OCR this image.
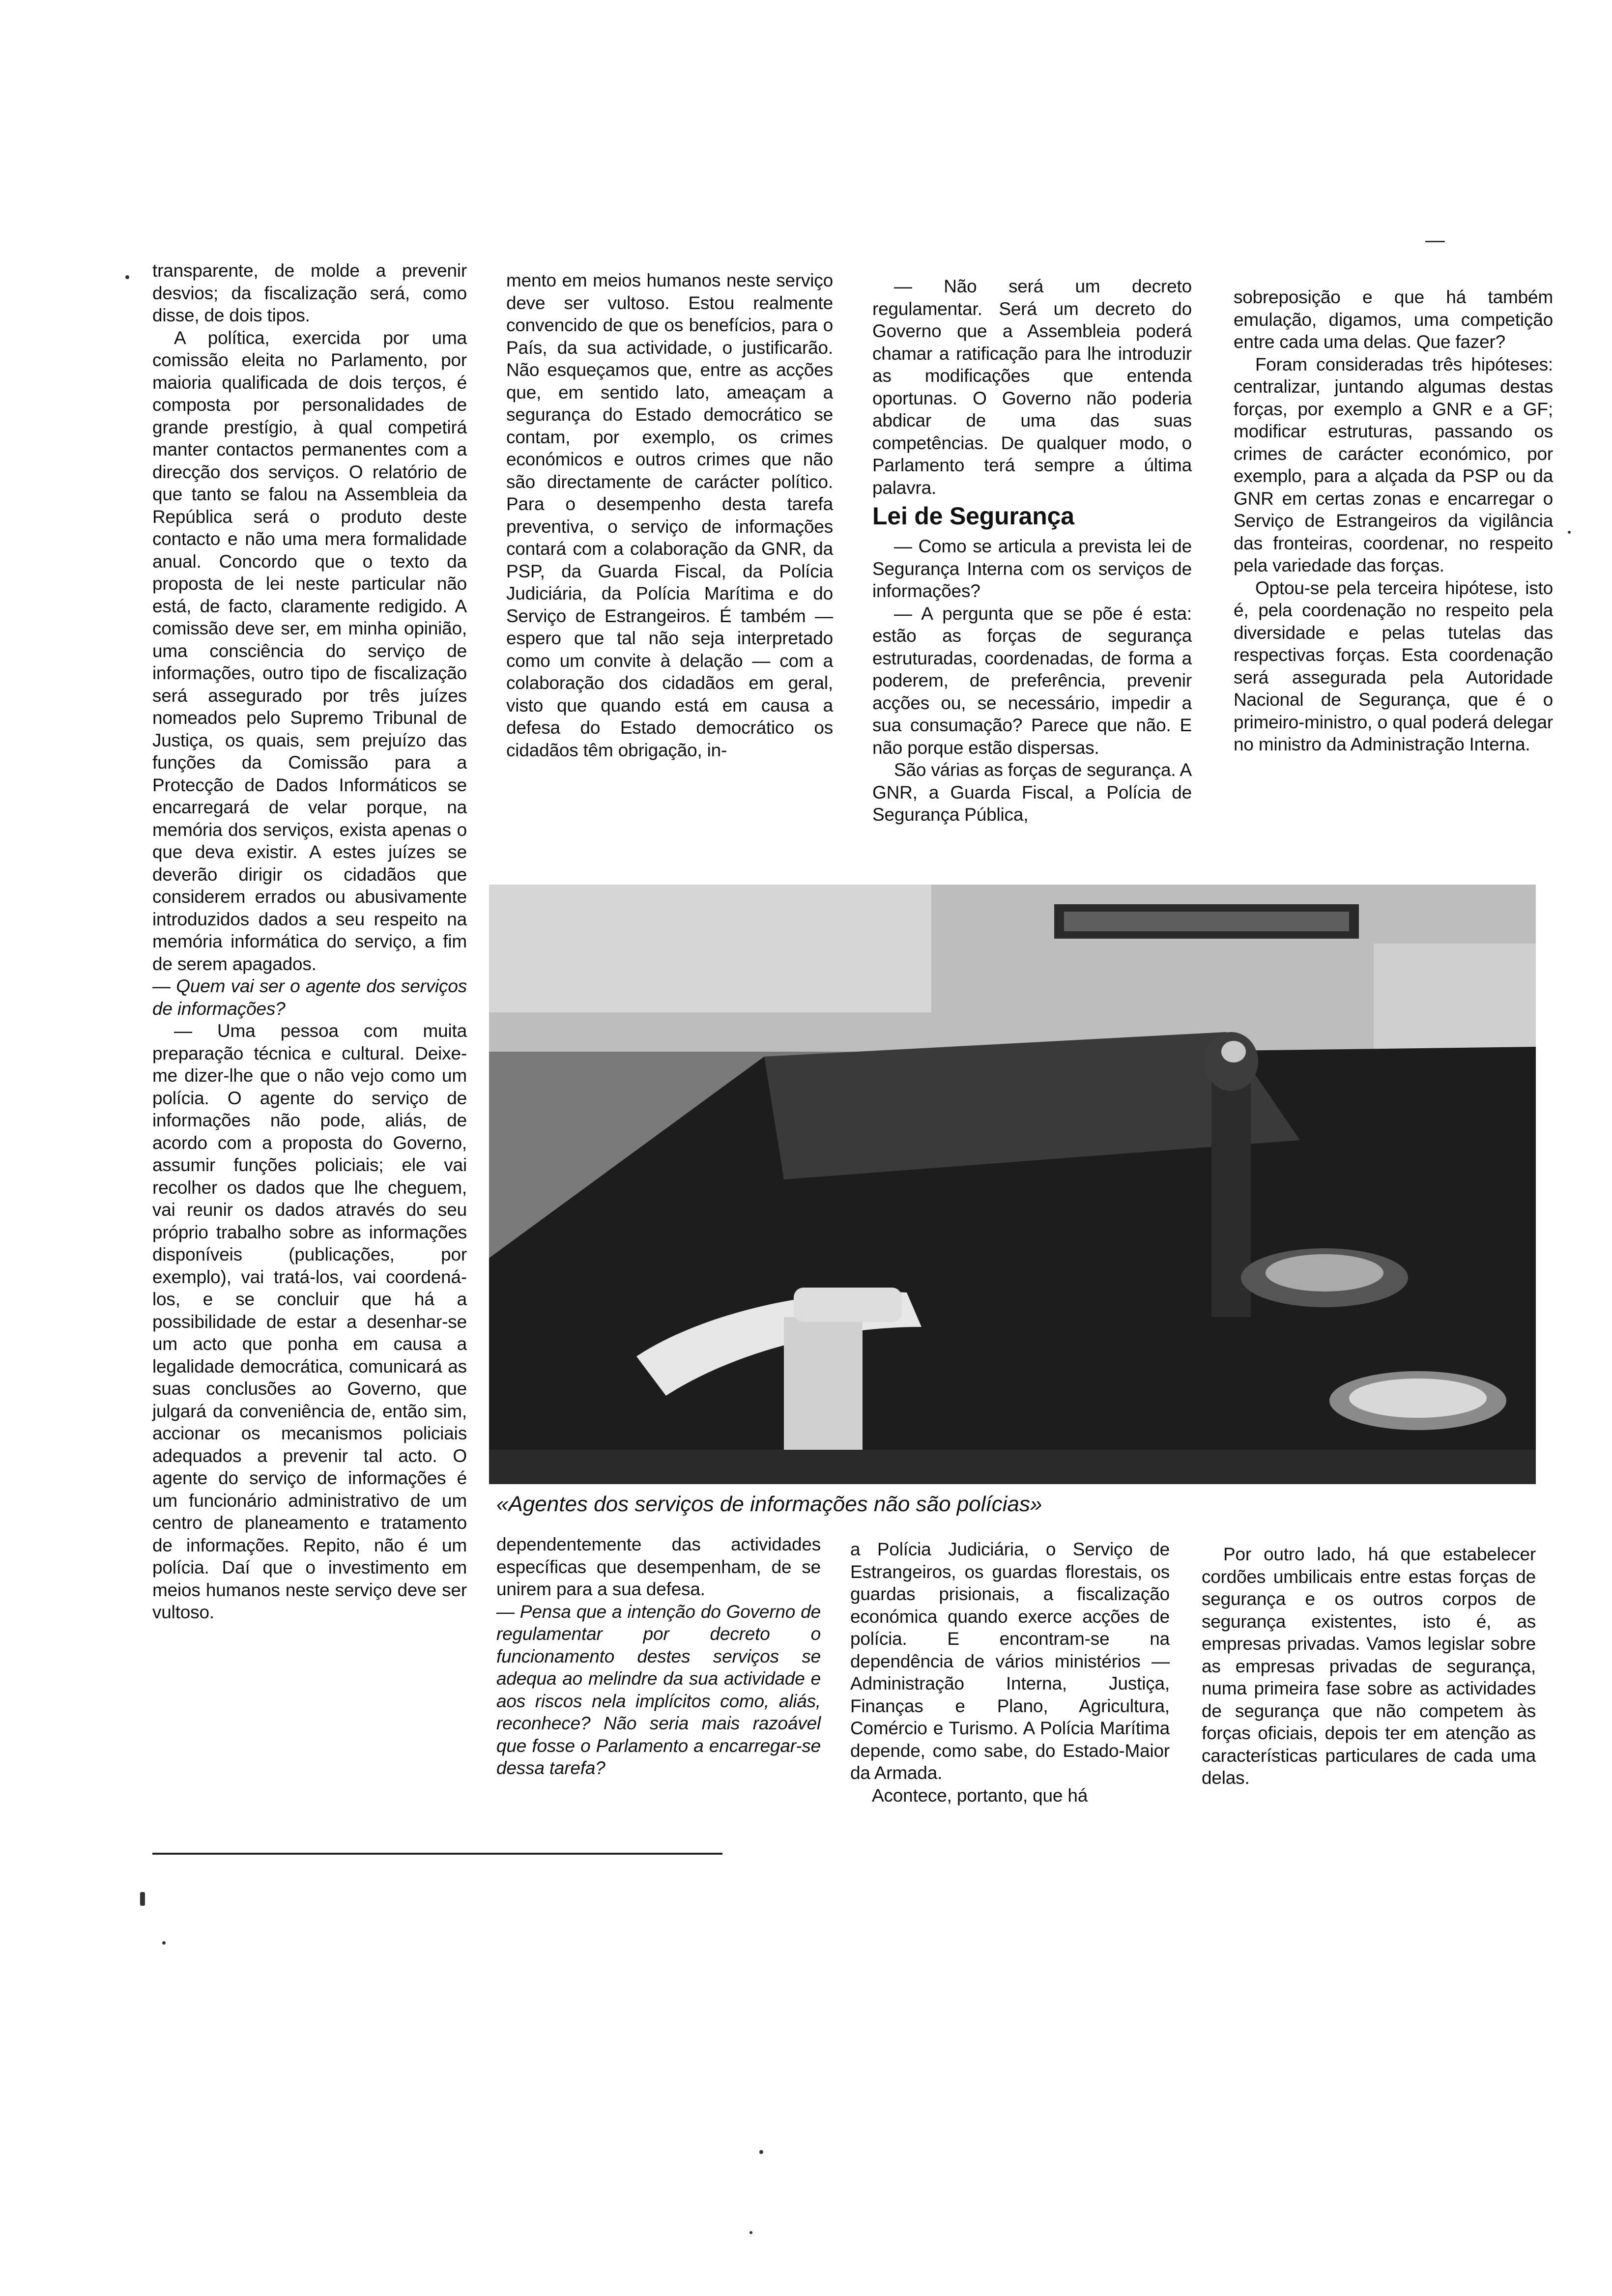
transparente, de molde a prevenir desvios; da fiscalização será, como disse, de dois tipos.

A política, exercida por uma comissão eleita no Parlamento, por maioria qualificada de dois terços, é composta por personalidades de grande prestígio, à qual competirá manter contactos permanentes com a direcção dos serviços. O relatório de que tanto se falou na Assembleia da República será o produto deste contacto e não uma mera formalidade anual. Concordo que o texto da proposta de lei neste particular não está, de facto, claramente redigido. A comissão deve ser, em minha opinião, uma consciência do serviço de informações, outro tipo de fiscalização será assegurado por três juízes nomeados pelo Supremo Tribunal de Justiça, os quais, sem prejuízo das funções da Comissão para a Protecção de Dados Informáticos se encarregará de velar porque, na memória dos serviços, exista apenas o que deva existir. A estes juízes se deverão dirigir os cidadãos que considerem errados ou abusivamente introduzidos dados a seu respeito na memória informática do serviço, a fim de serem apagados.

— Quem vai ser o agente dos serviços de informações?

— Uma pessoa com muita preparação técnica e cultural. Deixe-me dizer-lhe que o não vejo como um polícia. O agente do serviço de informações não pode, aliás, de acordo com a proposta do Governo, assumir funções policiais; ele vai recolher os dados que lhe cheguem, vai reunir os dados através do seu próprio trabalho sobre as informações disponíveis (publicações, por exemplo), vai tratá-los, vai coordená-los, e se concluir que há a possibilidade de estar a desenhar-se um acto que ponha em causa a legalidade democrática, comunicará as suas conclusões ao Governo, que julgará da conveniência de, então sim, accionar os mecanismos policiais adequados a prevenir tal acto. O agente do serviço de informações é um funcionário administrativo de um centro de planeamento e tratamento de informações. Repito, não é um polícia. Daí que o investimento em meios humanos neste serviço deve ser vultoso.

mento em meios humanos neste serviço deve ser vultoso. Estou realmente convencido de que os benefícios, para o País, da sua actividade, o justificarão. Não esqueçamos que, entre as acções que, em sentido lato, ameaçam a segurança do Estado democrático se contam, por exemplo, os crimes económicos e outros crimes que não são directamente de carácter político. Para o desempenho desta tarefa preventiva, o serviço de informações contará com a colaboração da GNR, da PSP, da Guarda Fiscal, da Polícia Judiciária, da Polícia Marítima e do Serviço de Estrangeiros. É também — espero que tal não seja interpretado como um convite à delação — com a colaboração dos cidadãos em geral, visto que quando está em causa a defesa do Estado democrático os cidadãos têm obrigação, in-

— Não será um decreto regulamentar. Será um decreto do Governo que a Assembleia poderá chamar a ratificação para lhe introduzir as modificações que entenda oportunas. O Governo não poderia abdicar de uma das suas competências. De qualquer modo, o Parlamento terá sempre a última palavra.

Lei de Segurança

— Como se articula a prevista lei de Segurança Interna com os serviços de informações?

— A pergunta que se põe é esta: estão as forças de segurança estruturadas, coordenadas, de forma a poderem, de preferência, prevenir acções ou, se necessário, impedir a sua consumação? Parece que não. E não porque estão dispersas.

São várias as forças de segurança. A GNR, a Guarda Fiscal, a Polícia de Segurança Pública,

sobreposição e que há também emulação, digamos, uma competição entre cada uma delas. Que fazer?

Foram consideradas três hipóteses: centralizar, juntando algumas destas forças, por exemplo a GNR e a GF; modificar estruturas, passando os crimes de carácter económico, por exemplo, para a alçada da PSP ou da GNR em certas zonas e encarregar o Serviço de Estrangeiros da vigilância das fronteiras, coordenar, no respeito pela variedade das forças.

Optou-se pela terceira hipótese, isto é, pela coordenação no respeito pela diversidade e pelas tutelas das respectivas forças. Esta coordenação será assegurada pela Autoridade Nacional de Segurança, que é o primeiro-ministro, o qual poderá delegar no ministro da Administração Interna.

«Agentes dos serviços de informações não são polícias»

dependentemente das actividades específicas que desempenham, de se unirem para a sua defesa.

— Pensa que a intenção do Governo de regulamentar por decreto o funcionamento destes serviços se adequa ao melindre da sua actividade e aos riscos nela implícitos como, aliás, reconhece? Não seria mais razoável que fosse o Parlamento a encarregar-se dessa tarefa?

a Polícia Judiciária, o Serviço de Estrangeiros, os guardas florestais, os guardas prisionais, a fiscalização económica quando exerce acções de polícia. E encontram-se na dependência de vários ministérios — Administração Interna, Justiça, Finanças e Plano, Agricultura, Comércio e Turismo. A Polícia Marítima depende, como sabe, do Estado-Maior da Armada.

Acontece, portanto, que há

Por outro lado, há que estabelecer cordões umbilicais entre estas forças de segurança e os outros corpos de segurança existentes, isto é, as empresas privadas. Vamos legislar sobre as empresas privadas de segurança, numa primeira fase sobre as actividades de segurança que não competem às forças oficiais, depois ter em atenção as características particulares de cada uma delas.
